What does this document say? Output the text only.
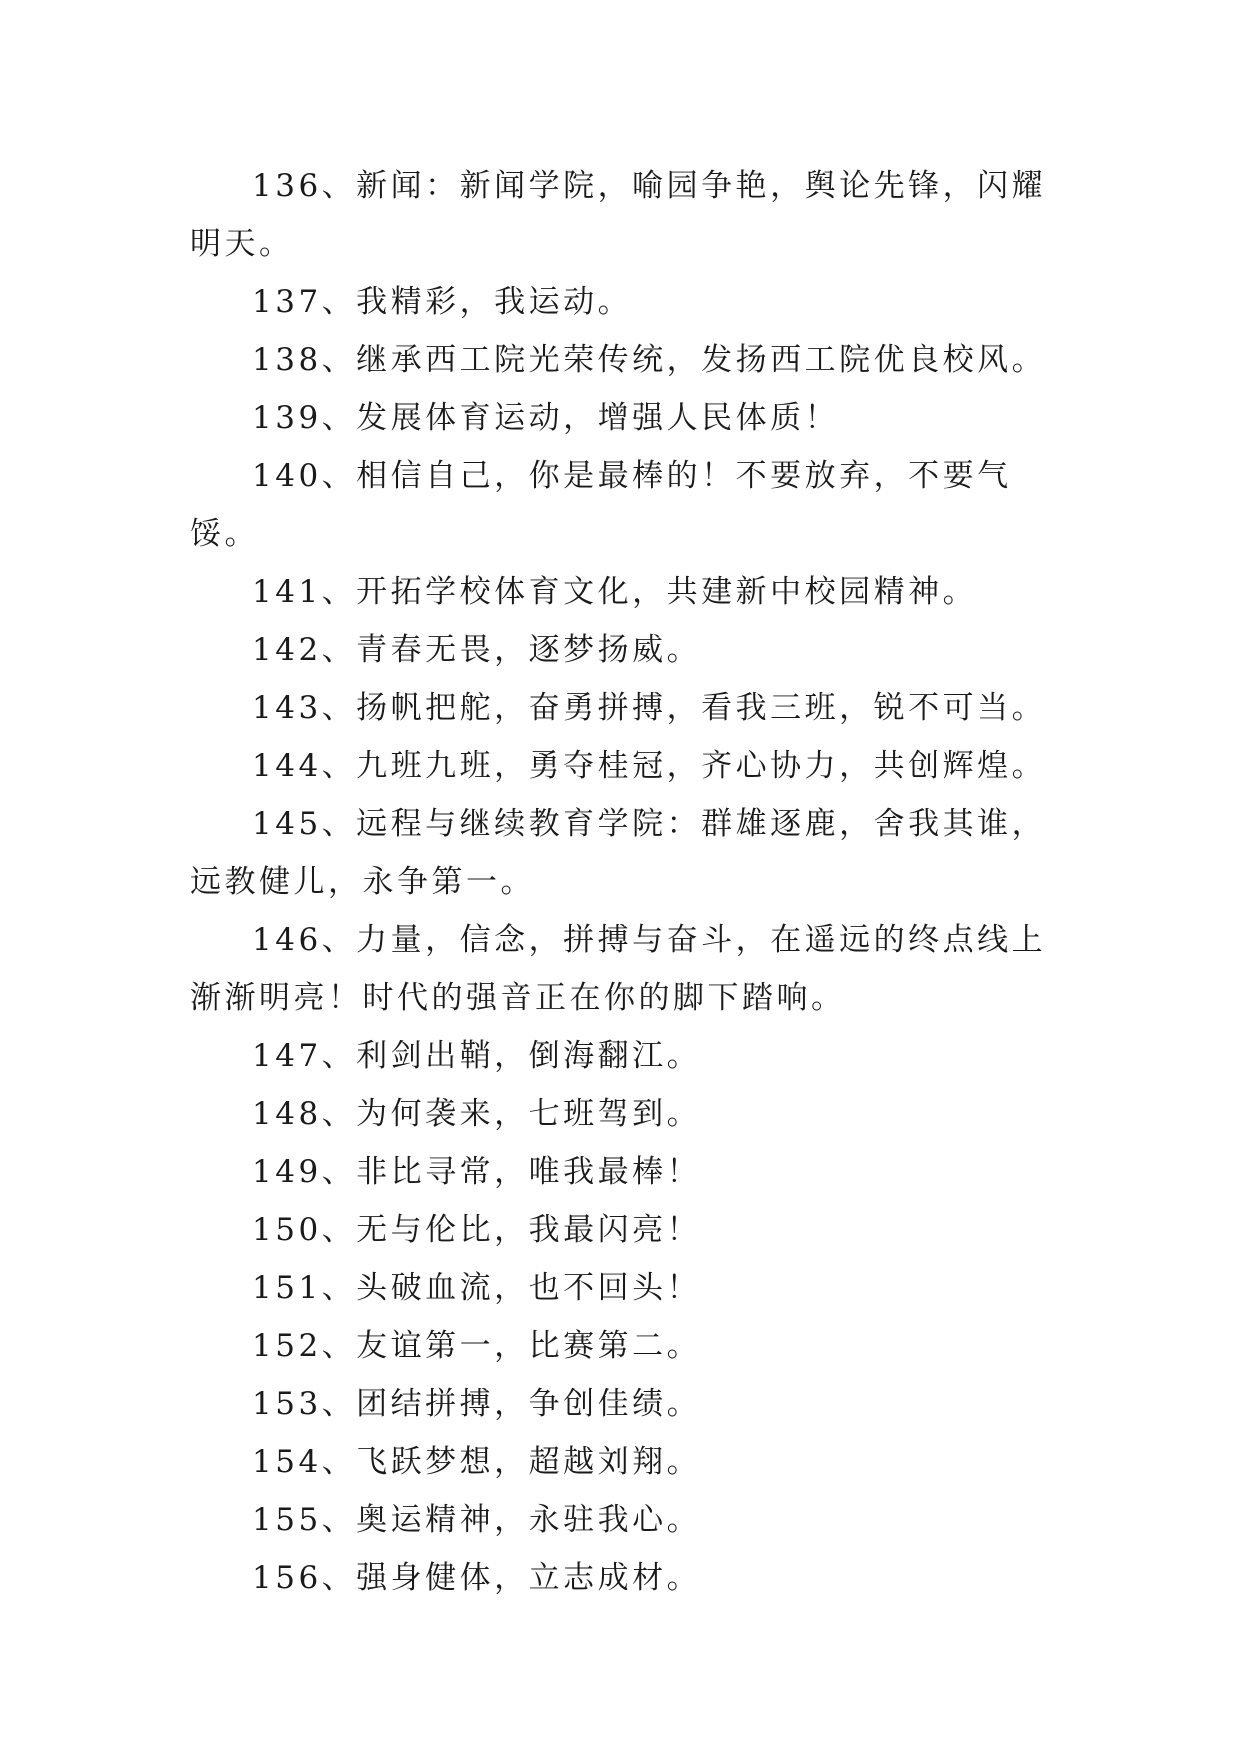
136、新闻：新闻学院，喻园争艳，舆论先锋，闪耀明天。

137、我精彩，我运动。

138、继承西工院光荣传统，发扬西工院优良校风。

139、发展体育运动，增强人民体质！

140、相信自己，你是最棒的！不要放弃，不要气馁。

141、开拓学校体育文化，共建新中校园精神。

142、青春无畏，逐梦扬威。

143、扬帆把舵，奋勇拼搏，看我三班，锐不可当。

144、九班九班，勇夺桂冠，齐心协力，共创辉煌。

145、远程与继续教育学院：群雄逐鹿，舍我其谁，远教健儿，永争第一。

146、力量，信念，拼搏与奋斗，在遥远的终点线上渐渐明亮！时代的强音正在你的脚下踏响。

147、利剑出鞘，倒海翻江。

148、为何袭来，七班驾到。

149、非比寻常，唯我最棒！

150、无与伦比，我最闪亮！

151、头破血流，也不回头！

152、友谊第一，比赛第二。

153、团结拼搏，争创佳绩。

154、飞跃梦想，超越刘翔。

155、奥运精神，永驻我心。

156、强身健体，立志成材。
